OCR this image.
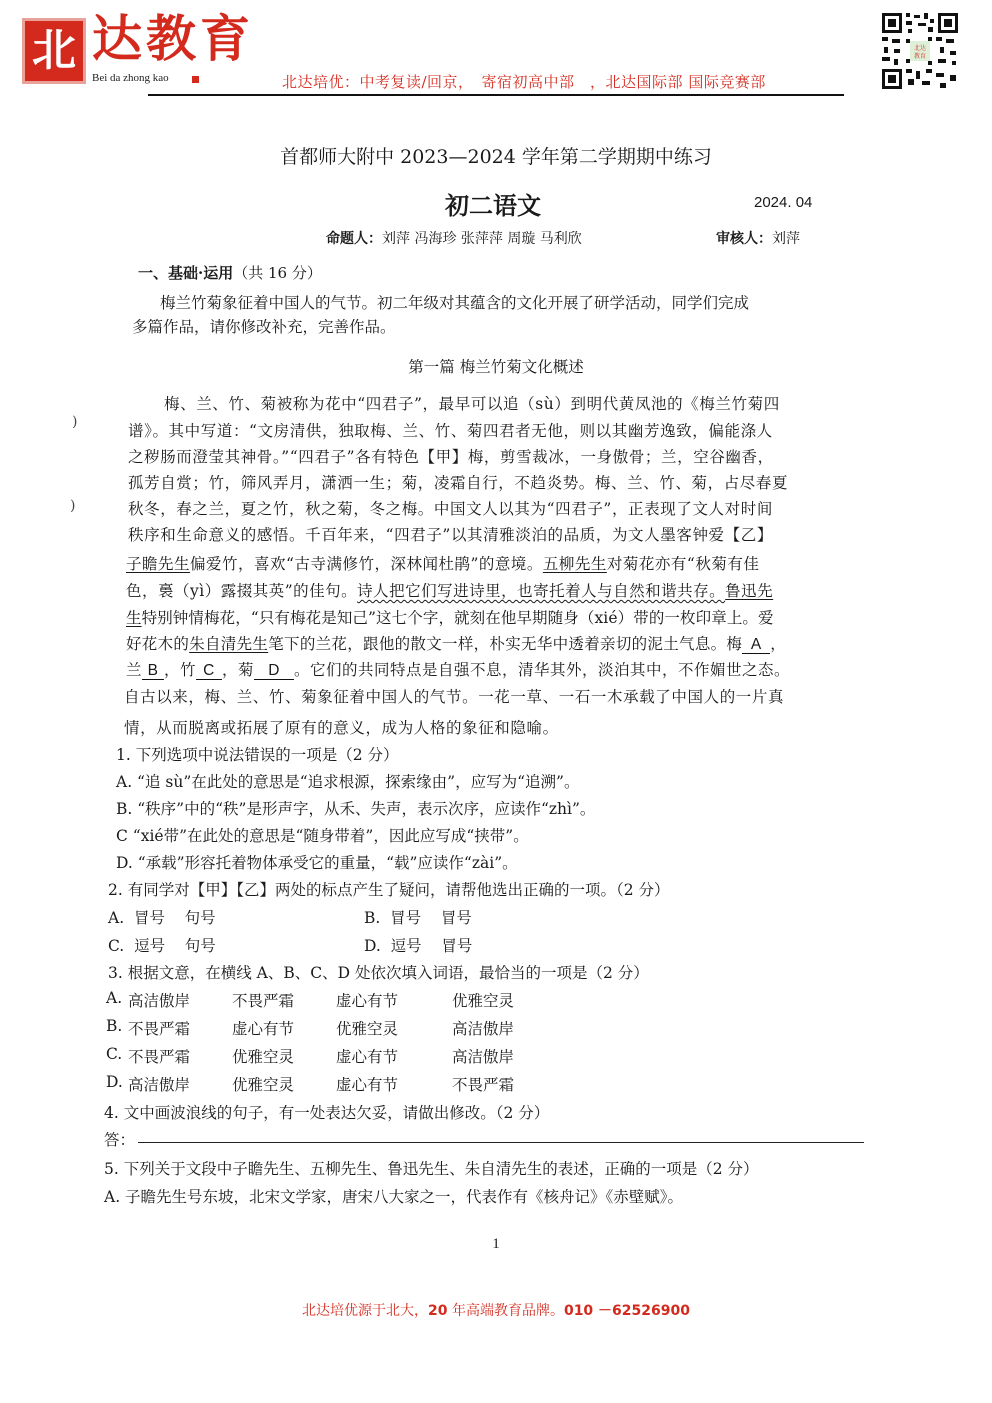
北 达教育
Bei da zhong kao	北达培优：中考复读/回京，　寄宿初高中部　，北达国际部 国际竞赛部
北达
教育
首都师大附中 2023—2024 学年第二学期期中练习
初二语文	2024. 04
命题人：刘萍 冯海珍 张萍萍 周璇 马利欣	审核人：刘萍
一、基础·运用（共 16 分）
梅兰竹菊象征着中国人的气节。初二年级对其蕴含的文化开展了研学活动，同学们完成
多篇作品，请你修改补充，完善作品。
第一篇 梅兰竹菊文化概述
)
)
梅、兰、竹、菊被称为花中“四君子”，最早可以追（sù）到明代黄凤池的《梅兰竹菊四
谱》。其中写道：“文房清供，独取梅、兰、竹、菊四君者无他，则以其幽芳逸致，偏能涤人
之秽肠而澄莹其神骨。”“四君子”各有特色【甲】梅，剪雪裁冰，一身傲骨；兰，空谷幽香，
孤芳自赏；竹，筛风弄月，潇洒一生；菊，凌霜自行，不趋炎势。梅、兰、竹、菊，占尽春夏
秋冬，春之兰，夏之竹，秋之菊，冬之梅。中国文人以其为“四君子”，正表现了文人对时间
秩序和生命意义的感悟。千百年来，“四君子”以其清雅淡泊的品质，为文人墨客钟爱【乙】
子瞻先生偏爱竹，喜欢“古寺满修竹，深林闻杜鹃”的意境。五柳先生对菊花亦有“秋菊有佳
色，裛（yì）露掇其英”的佳句。诗人把它们写进诗里，也寄托着人与自然和谐共存。鲁迅先
生特别钟情梅花，“只有梅花是知己”这七个字，就刻在他早期随身（xié）带的一枚印章上。爱
好花木的朱自清先生笔下的兰花，跟他的散文一样，朴实无华中透着亲切的泥土气息。梅 A ，
兰 B ，竹 C ，菊 D 。它们的共同特点是自强不息，清华其外，淡泊其中，不作媚世之态。
自古以来，梅、兰、竹、菊象征着中国人的气节。一花一草、一石一木承载了中国人的一片真
情，从而脱离或拓展了原有的意义，成为人格的象征和隐喻。
1. 下列选项中说法错误的一项是（2 分）
A. “追 sù”在此处的意思是“追求根源，探索缘由”，应写为“追溯”。
B. “秩序”中的“秩”是形声字，从禾、失声，表示次序，应读作“zhì”。
C “xié带”在此处的意思是“随身带着”，因此应写成“挟带”。
D. “承载”形容托着物体承受它的重量，“载”应读作“zài”。
2. 有同学对【甲】【乙】两处的标点产生了疑问，请帮他选出正确的一项。（2 分）
A.  冒号    句号	B.  冒号    冒号
C.  逗号    句号	D.  逗号    冒号
3. 根据文意，在横线 A、B、C、D 处依次填入词语，最恰当的一项是（2 分）
A. 高洁傲岸	不畏严霜	虚心有节	优雅空灵
B. 不畏严霜	虚心有节	优雅空灵	高洁傲岸
C. 不畏严霜	优雅空灵	虚心有节	高洁傲岸
D. 高洁傲岸	优雅空灵	虚心有节	不畏严霜
4. 文中画波浪线的句子，有一处表达欠妥，请做出修改。（2 分）
答：
5. 下列关于文段中子瞻先生、五柳先生、鲁迅先生、朱自清先生的表述，正确的一项是（2 分）
A. 子瞻先生号东坡，北宋文学家，唐宋八大家之一，代表作有《核舟记》《赤壁赋》。
1
北达培优源于北大，20 年高端教育品牌。010 －62526900
